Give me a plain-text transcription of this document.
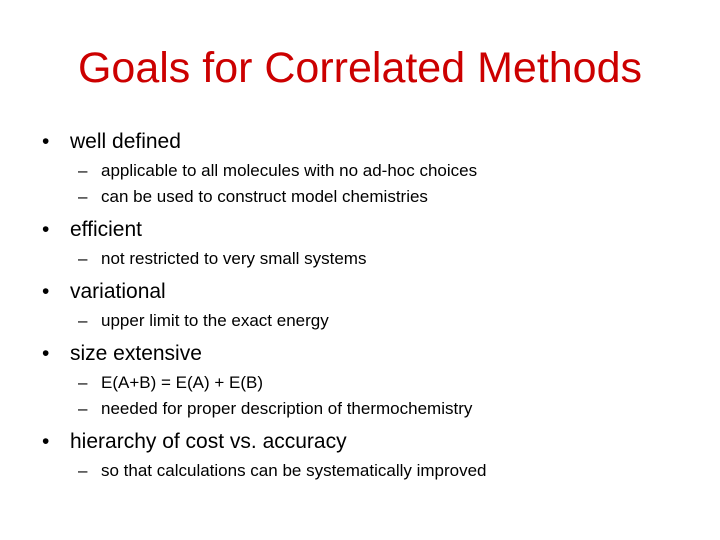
Goals for Correlated Methods
• well defined
– applicable to all molecules with no ad-hoc choices
– can be used to construct model chemistries
• efficient
– not restricted to very small systems
• variational
– upper limit to the exact energy
• size extensive
– E(A+B) = E(A) + E(B)
– needed for proper description of thermochemistry
• hierarchy of cost vs. accuracy
– so that calculations can be systematically improved
